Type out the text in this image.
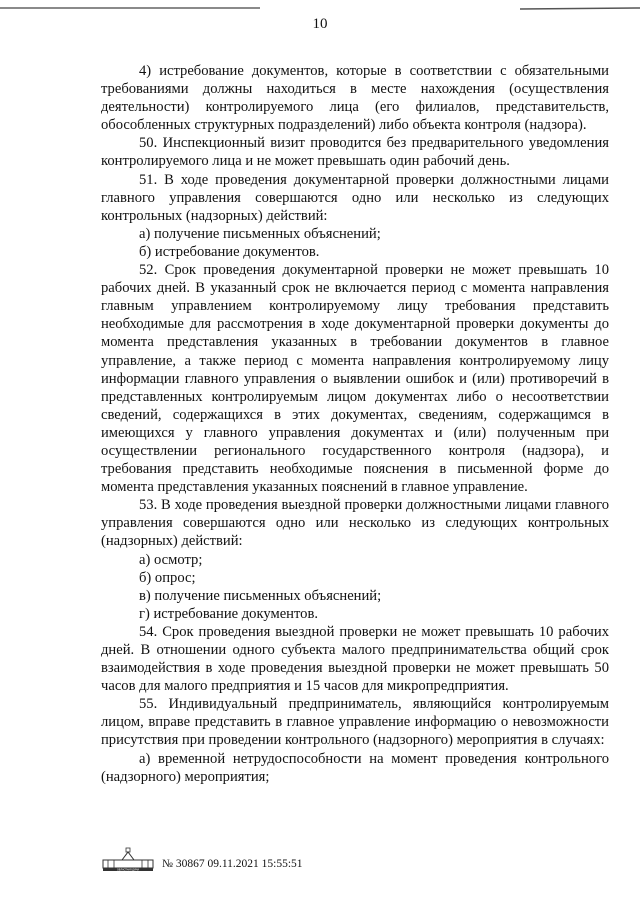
10

4) истребование документов, которые в соответствии с обязательными требованиями должны находиться в месте нахождения (осуществления деятельности) контролируемого лица (его филиалов, представительств, обособленных структурных подразделений) либо объекта контроля (надзора).

50. Инспекционный визит проводится без предварительного уведомления контролируемого лица и не может превышать один рабочий день.

51. В ходе проведения документарной проверки должностными лицами главного управления совершаются одно или несколько из следующих контрольных (надзорных) действий:

а) получение письменных объяснений;

б) истребование документов.

52. Срок проведения документарной проверки не может превышать 10 рабочих дней. В указанный срок не включается период с момента направления главным управлением контролируемому лицу требования представить необходимые для рассмотрения в ходе документарной проверки документы до момента представления указанных в требовании документов в главное управление, а также период с момента направления контролируемому лицу информации главного управления о выявлении ошибок и (или) противоречий в представленных контролируемым лицом документах либо о несоответствии сведений, содержащихся в этих документах, сведениям, содержащимся в имеющихся у главного управления документах и (или) полученным при осуществлении регионального государственного контроля (надзора), и требования представить необходимые пояснения в письменной форме до момента представления указанных пояснений в главное управление.

53. В ходе проведения выездной проверки должностными лицами главного управления совершаются одно или несколько из следующих контрольных (надзорных) действий:

а) осмотр;

б) опрос;

в) получение письменных объяснений;

г) истребование документов.

54. Срок проведения выездной проверки не может превышать 10 рабочих дней. В отношении одного субъекта малого предпринимательства общий срок взаимодействия в ходе проведения выездной проверки не может превышать 50 часов для малого предприятия и 15 часов для микропредприятия.

55. Индивидуальный предприниматель, являющийся контролируемым лицом, вправе представить в главное управление информацию о невозможности присутствия при проведении контрольного (надзорного) мероприятия в случаях:

а) временной нетрудоспособности на момент проведения контрольного (надзорного) мероприятия;

ОБЛАСТНАЯ ДУМА № 30867 09.11.2021 15:55:51
